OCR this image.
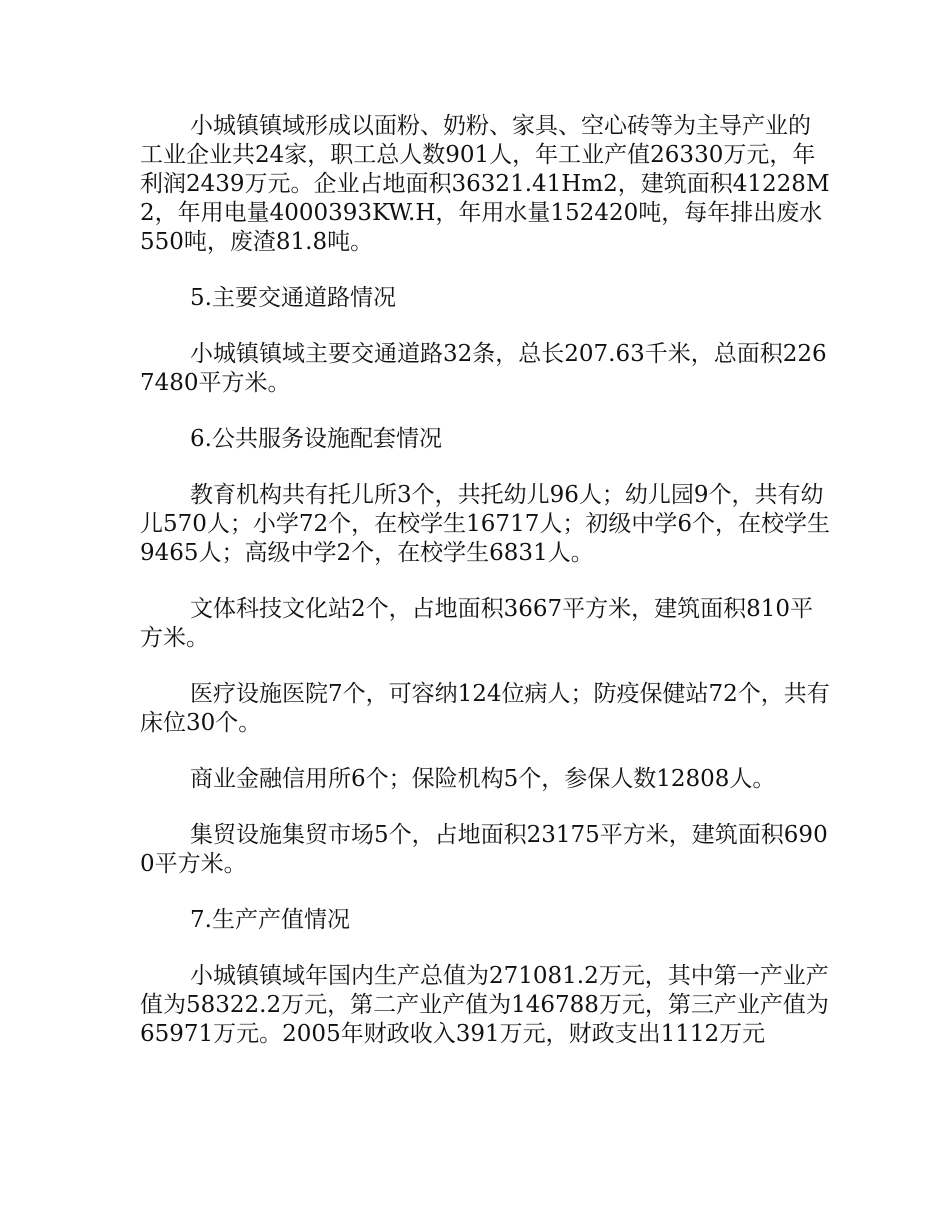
小城镇镇域形成以面粉、奶粉、家具、空心砖等为主导产业的工业企业共24家，职工总人数901人，年工业产值26330万元，年利润2439万元。企业占地面积36321.41Hm2，建筑面积41228M2，年用电量4000393KW.H，年用水量152420吨，每年排出废水550吨，废渣81.8吨。

5.主要交通道路情况

小城镇镇域主要交通道路32条，总长207.63千米，总面积2267480平方米。

6.公共服务设施配套情况

教育机构共有托儿所3个，共托幼儿96人；幼儿园9个，共有幼儿570人；小学72个，在校学生16717人；初级中学6个，在校学生9465人；高级中学2个，在校学生6831人。

文体科技文化站2个，占地面积3667平方米，建筑面积810平方米。

医疗设施医院7个，可容纳124位病人；防疫保健站72个，共有床位30个。

商业金融信用所6个；保险机构5个，参保人数12808人。

集贸设施集贸市场5个，占地面积23175平方米，建筑面积6900平方米。

7.生产产值情况

小城镇镇域年国内生产总值为271081.2万元，其中第一产业产值为58322.2万元，第二产业产值为146788万元，第三产业产值为65971万元。2005年财政收入391万元，财政支出1112万元
